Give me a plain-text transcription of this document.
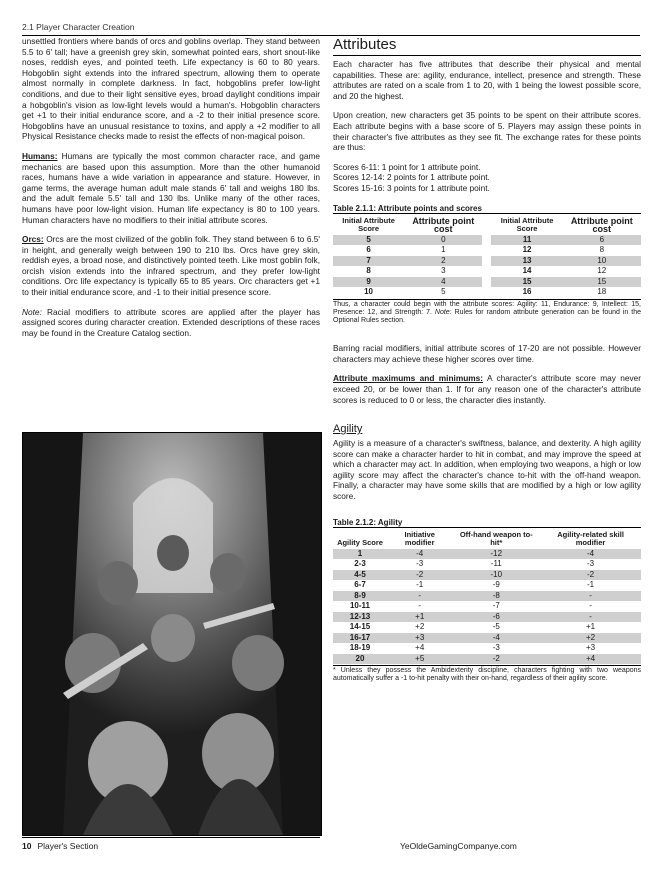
2.1 Player Character Creation

unsettled frontiers where bands of orcs and goblins overlap. They stand between 5.5 to 6' tall; have a greenish grey skin, somewhat pointed ears, short snout-like noses, reddish eyes, and pointed teeth. Life expectancy is 60 to 80 years. Hobgoblin sight extends into the infrared spectrum, allowing them to operate almost normally in complete darkness. In fact, hobgoblins prefer low-light conditions, and due to their light sensitive eyes, broad daylight conditions impair a hobgoblin's vision as low-light levels would a human's. Hobgoblin characters get +1 to their initial endurance score, and a -2 to their initial presence score. Hobgoblins have an unusual resistance to toxins, and apply a +2 modifier to all Physical Resistance checks made to resist the effects of non-magical poison.

Humans: Humans are typically the most common character race, and game mechanics are based upon this assumption. More than the other humanoid races, humans have a wide variation in appearance and stature. However, in game terms, the average human adult male stands 6' tall and weighs 180 lbs. and the adult female 5.5' tall and 130 lbs. Unlike many of the other races, humans have poor low-light vision. Human life expectancy is 80 to 100 years. Human characters have no modifiers to their initial attribute scores.

Orcs: Orcs are the most civilized of the goblin folk. They stand between 6 to 6.5' in height, and generally weigh between 190 to 210 lbs. Orcs have grey skin, reddish eyes, a broad nose, and distinctively pointed teeth. Like most goblin folk, orcish vision extends into the infrared spectrum, and they prefer low-light conditions. Orc life expectancy is typically 65 to 85 years. Orc characters get +1 to their initial endurance score, and -1 to their initial presence score.

Note: Racial modifiers to attribute scores are applied after the player has assigned scores during character creation. Extended descriptions of these races may be found in the Creature Catalog section.

Attributes

Each character has five attributes that describe their physical and mental capabilities. These are: agility, endurance, intellect, presence and strength. These attributes are rated on a scale from 1 to 20, with 1 being the lowest possible score, and 20 the highest.

Upon creation, new characters get 35 points to be spent on their attribute scores. Each attribute begins with a base score of 5. Players may assign these points in their character's five attributes as they see fit. The exchange rates for these points are thus:

Scores 6-11: 1 point for 1 attribute point.

Scores 12-14: 2 points for 1 attribute point.

Scores 15-16: 3 points for 1 attribute point.

Table 2.1.1: Attribute points and scores
Initial Attribute Score	Attribute point cost		Initial Attribute Score	Attribute point cost
5	0		11	6
6	1		12	8
7	2		13	10
8	3		14	12
9	4		15	15
10	5		16	18
Thus, a character could begin with the attribute scores: Agility: 11, Endurance: 9, Intellect: 15, Presence: 12, and Strength: 7. Note: Rules for random attribute generation can be found in the Optional Rules section.

Barring racial modifiers, initial attribute scores of 17-20 are not possible. However characters may achieve these higher scores over time.

Attribute maximums and minimums: A character's attribute score may never exceed 20, or be lower than 1. If for any reason one of the character's attribute scores is reduced to 0 or less, the character dies instantly.

Agility

Agility is a measure of a character's swiftness, balance, and dexterity. A high agility score can make a character harder to hit in combat, and may improve the speed at which a character may act. In addition, when employing two weapons, a high or low agility score may affect the character's chance to-hit with the off-hand weapon. Finally, a character may have some skills that are modified by a high or low agility score.

Table 2.1.2: Agility
Agility Score	Initiative modifier	Off-hand weapon to-hit*	Agility-related skill modifier
1	-4	-12	-4
2-3	-3	-11	-3
4-5	-2	-10	-2
6-7	-1	-9	-1
8-9	-	-8	-
10-11	-	-7	-
12-13	+1	-6	-
14-15	+2	-5	+1
16-17	+3	-4	+2
18-19	+4	-3	+3
20	+5	-2	+4
* Unless they possess the Ambidexterity discipline, characters fighting with two weapons automatically suffer a -1 to-hit penalty with their on-hand, regardless of their agility score.
10 Player's Section	YeOldeGamingCompanye.com
